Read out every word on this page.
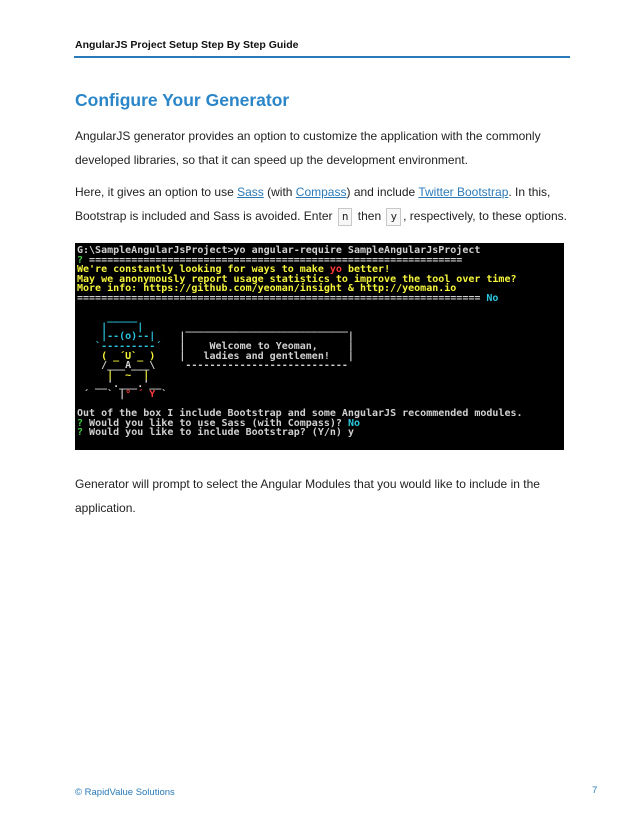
AngularJS Project Setup Step By Step Guide
Configure Your Generator

AngularJS generator provides an option to customize the application with the commonly developed libraries, so that it can speed up the development environment.

Here, it gives an option to use Sass (with Compass) and include Twitter Bootstrap. In this, Bootstrap is included and Sass is avoided. Enter n then y , respectively, to these options.

G:\SampleAngularJsProject>yo angular-require SampleAngularJsProject
? ==============================================================
We're constantly looking for ways to make yo better!
May we anonymously report usage statistics to improve the tool over time?
More info: https://github.com/yeoman/insight & http://yeoman.io
=================================================================== No

_____
|     |       ___________________________
|--(o)--|    |                           |
`---------´   |    Welcome to Yeoman,     |
( _´U`_ )    |   ladies and gentlemen!   |
/___A___\     ---------------------------
|  ~  |
__'.___.'__
´   ` |° ´ Y `

Out of the box I include Bootstrap and some AngularJS recommended modules.
? Would you like to use Sass (with Compass)? No
? Would you like to include Bootstrap? (Y/n) y

Generator will prompt to select the Angular Modules that you would like to include in the application.

© RapidValue Solutions	7
